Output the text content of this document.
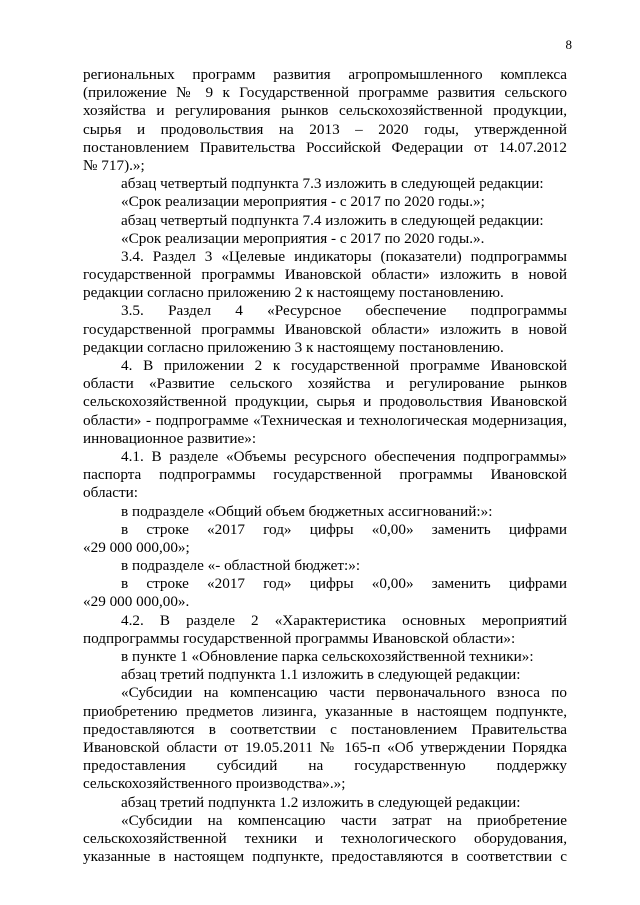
8
региональных программ развития агропромышленного комплекса
(приложение № 9 к Государственной программе развития сельского
хозяйства и регулирования рынков сельскохозяйственной продукции,
сырья и продовольствия на 2013 – 2020 годы, утвержденной
постановлением Правительства Российской Федерации от 14.07.2012
№ 717).»;
абзац четвертый подпункта 7.3 изложить в следующей редакции:
«Срок реализации мероприятия - с 2017 по 2020 годы.»;
абзац четвертый подпункта 7.4 изложить в следующей редакции:
«Срок реализации мероприятия - с 2017 по 2020 годы.».
3.4. Раздел 3 «Целевые индикаторы (показатели) подпрограммы
государственной программы Ивановской области» изложить в новой
редакции согласно приложению 2 к настоящему постановлению.
3.5. Раздел 4 «Ресурсное обеспечение подпрограммы
государственной программы Ивановской области» изложить в новой
редакции согласно приложению 3 к настоящему постановлению.
4. В приложении 2 к государственной программе Ивановской
области «Развитие сельского хозяйства и регулирование рынков
сельскохозяйственной продукции, сырья и продовольствия Ивановской
области» - подпрограмме «Техническая и технологическая модернизация,
инновационное развитие»:
4.1. В разделе «Объемы ресурсного обеспечения подпрограммы»
паспорта подпрограммы государственной программы Ивановской
области:
в подразделе «Общий объем бюджетных ассигнований:»:
в строке «2017 год» цифры «0,00» заменить цифрами
«29 000 000,00»;
в подразделе «- областной бюджет:»:
в строке «2017 год» цифры «0,00» заменить цифрами
«29 000 000,00».
4.2. В разделе 2 «Характеристика основных мероприятий
подпрограммы государственной программы Ивановской области»:
в пункте 1 «Обновление парка сельскохозяйственной техники»:
абзац третий подпункта 1.1 изложить в следующей редакции:
«Субсидии на компенсацию части первоначального взноса по
приобретению предметов лизинга, указанные в настоящем подпункте,
предоставляются в соответствии с постановлением Правительства
Ивановской области от 19.05.2011 № 165-п «Об утверждении Порядка
предоставления субсидий на государственную поддержку
сельскохозяйственного производства».»;
абзац третий подпункта 1.2 изложить в следующей редакции:
«Субсидии на компенсацию части затрат на приобретение
сельскохозяйственной техники и технологического оборудования,
указанные в настоящем подпункте, предоставляются в соответствии с
